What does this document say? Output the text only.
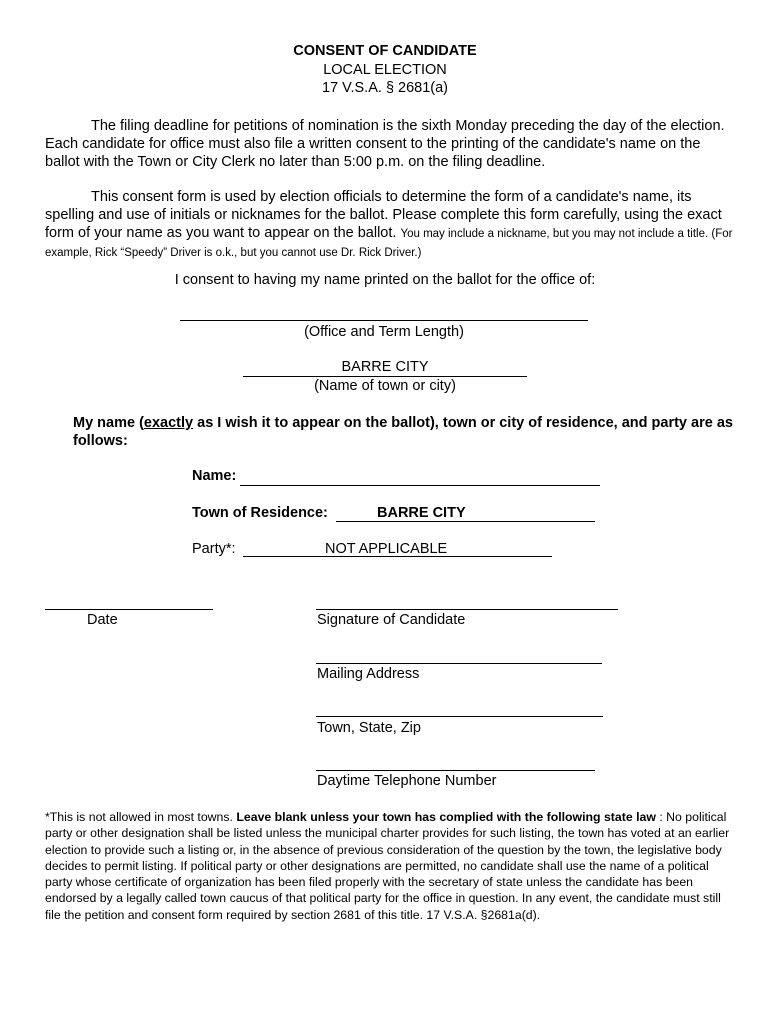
CONSENT OF CANDIDATE
LOCAL ELECTION
17 V.S.A. § 2681(a)
The filing deadline for petitions of nomination is the sixth Monday preceding the day of the election. Each candidate for office must also file a written consent to the printing of the candidate's name on the ballot with the Town or City Clerk no later than 5:00 p.m. on the filing deadline.
This consent form is used by election officials to determine the form of a candidate's name, its spelling and use of initials or nicknames for the ballot. Please complete this form carefully, using the exact form of your name as you want to appear on the ballot. You may include a nickname, but you may not include a title. (For example, Rick “Speedy” Driver is o.k., but you cannot use Dr. Rick Driver.)
I consent to having my name printed on the ballot for the office of:
(Office and Term Length)
BARRE CITY
(Name of town or city)
My name (exactly as I wish it to appear on the ballot), town or city of residence, and party are as follows:
Name:
Town of Residence:	BARRE CITY
Party*:	NOT APPLICABLE
Date	Signature of Candidate
Mailing Address
Town, State, Zip
Daytime Telephone Number
*This is not allowed in most towns. Leave blank unless your town has complied with the following state law : No political party or other designation shall be listed unless the municipal charter provides for such listing, the town has voted at an earlier election to provide such a listing or, in the absence of previous consideration of the question by the town, the legislative body decides to permit listing. If political party or other designations are permitted, no candidate shall use the name of a political party whose certificate of organization has been filed properly with the secretary of state unless the candidate has been endorsed by a legally called town caucus of that political party for the office in question. In any event, the candidate must still file the petition and consent form required by section 2681 of this title. 17 V.S.A. §2681a(d).
